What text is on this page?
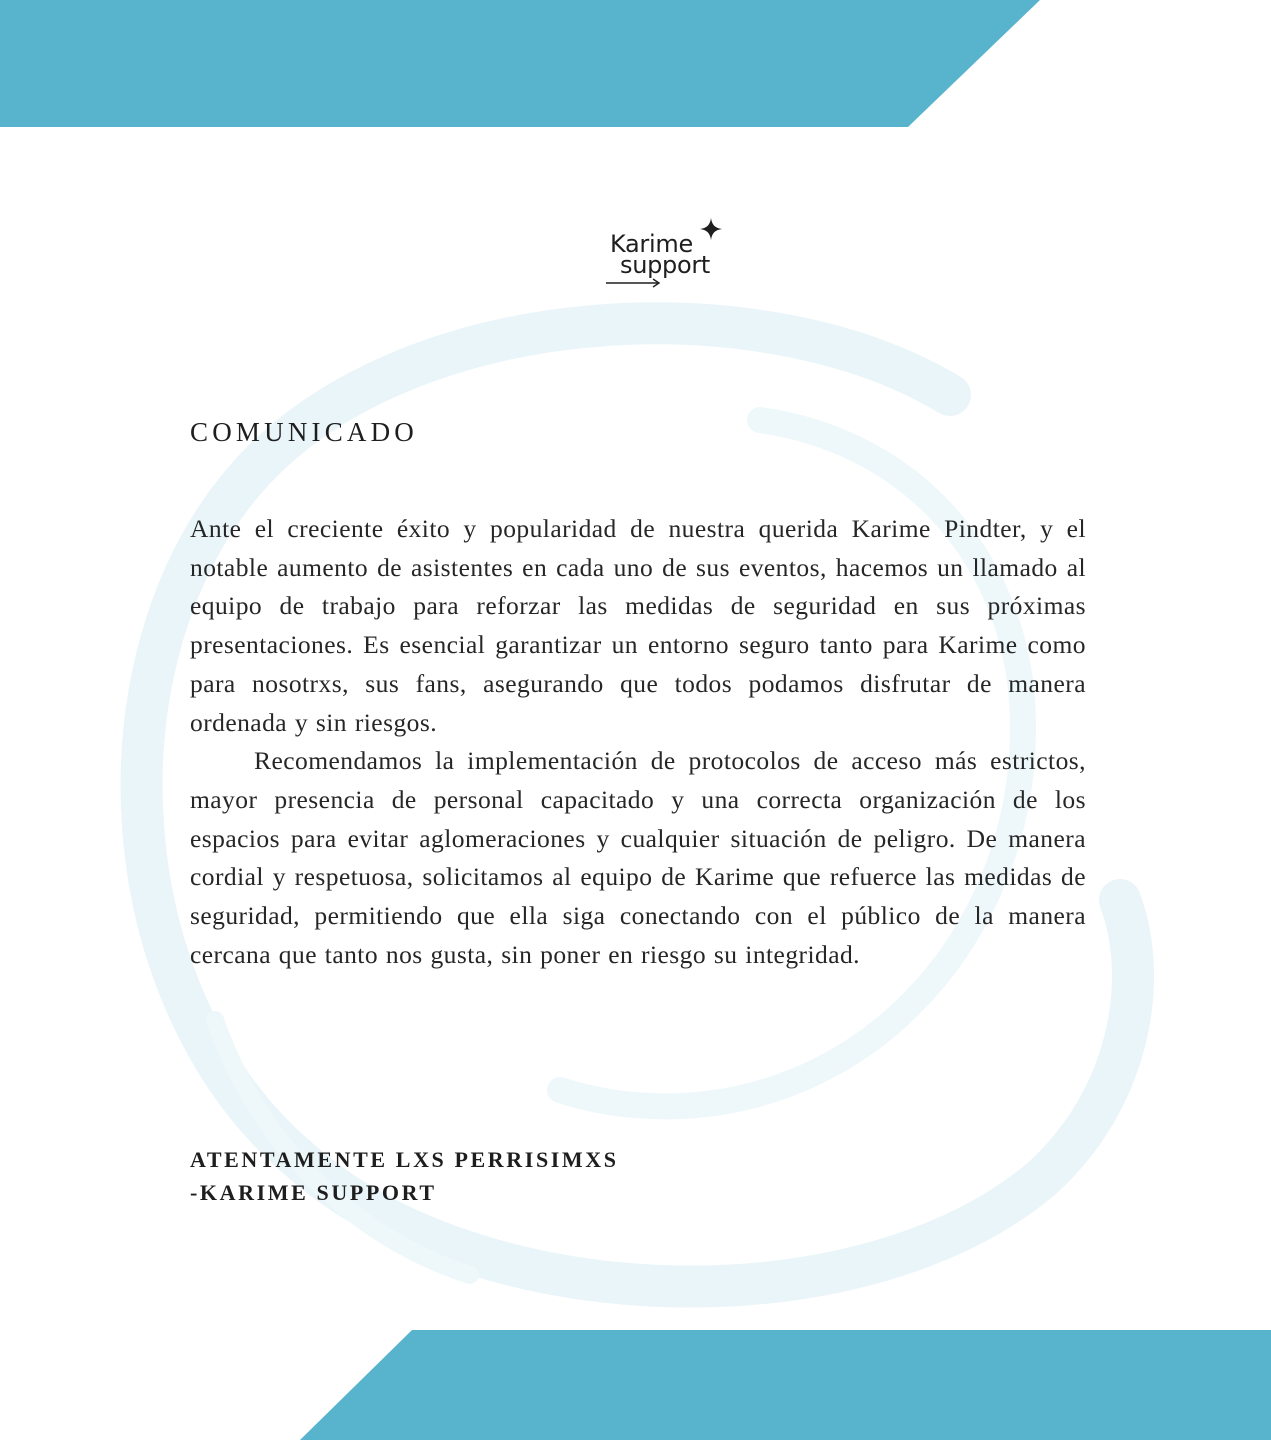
Karime
support
COMUNICADO

Ante el creciente éxito y popularidad de nuestra querida Karime Pindter, y el notable aumento de asistentes en cada uno de sus eventos, hacemos un llamado al equipo de trabajo para reforzar las medidas de seguridad en sus próximas presentaciones. Es esencial garantizar un entorno seguro tanto para Karime como para nosotrxs, sus fans, asegurando que todos podamos disfrutar de manera ordenada y sin riesgos.

Recomendamos la implementación de protocolos de acceso más estrictos, mayor presencia de personal capacitado y una correcta organización de los espacios para evitar aglomeraciones y cualquier situación de peligro. De manera cordial y respetuosa, solicitamos al equipo de Karime que refuerce las medidas de seguridad, permitiendo que ella siga conectando con el público de la manera cercana que tanto nos gusta, sin poner en riesgo su integridad.

ATENTAMENTE LXS PERRISIMXS
-KARIME SUPPORT
